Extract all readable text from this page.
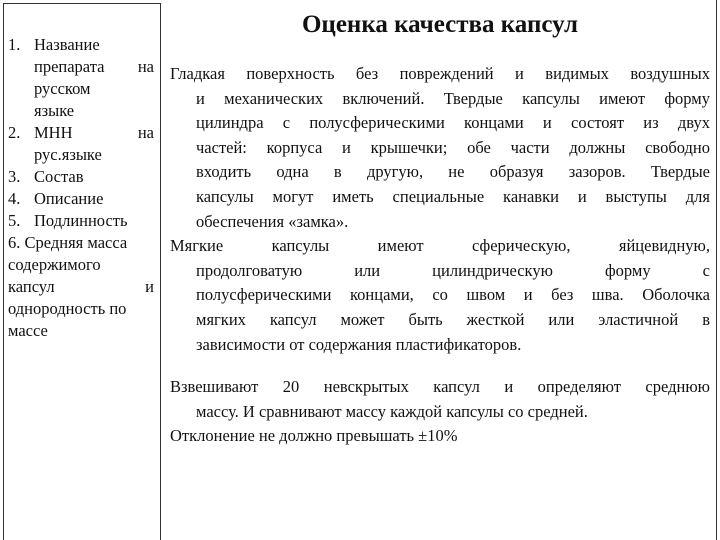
Оценка качества капсул
1. Название
препарата на
русском
языке
2. МНН на
рус.языке
3. Состав
4. Описание
5. Подлинность
6. Средняя масса
содержимого
капсул и
однородность по
массе

Гладкая поверхность без повреждений и видимых воздушных
и механических включений. Твердые капсулы имеют форму
цилиндра с полусферическими концами и состоят из двух
частей: корпуса и крышечки; обе части должны свободно
входить одна в другую, не образуя зазоров. Твердые
капсулы могут иметь специальные канавки и выступы для
обеспечения «замка».

Мягкие капсулы имеют сферическую, яйцевидную,
продолговатую или цилиндрическую форму с
полусферическими концами, со швом и без шва. Оболочка
мягких капсул может быть жесткой или эластичной в
зависимости от содержания пластификаторов.

Взвешивают 20 невскрытых капсул и определяют среднюю
массу. И сравнивают массу каждой капсулы со средней.
Отклонение не должно превышать ±10%
